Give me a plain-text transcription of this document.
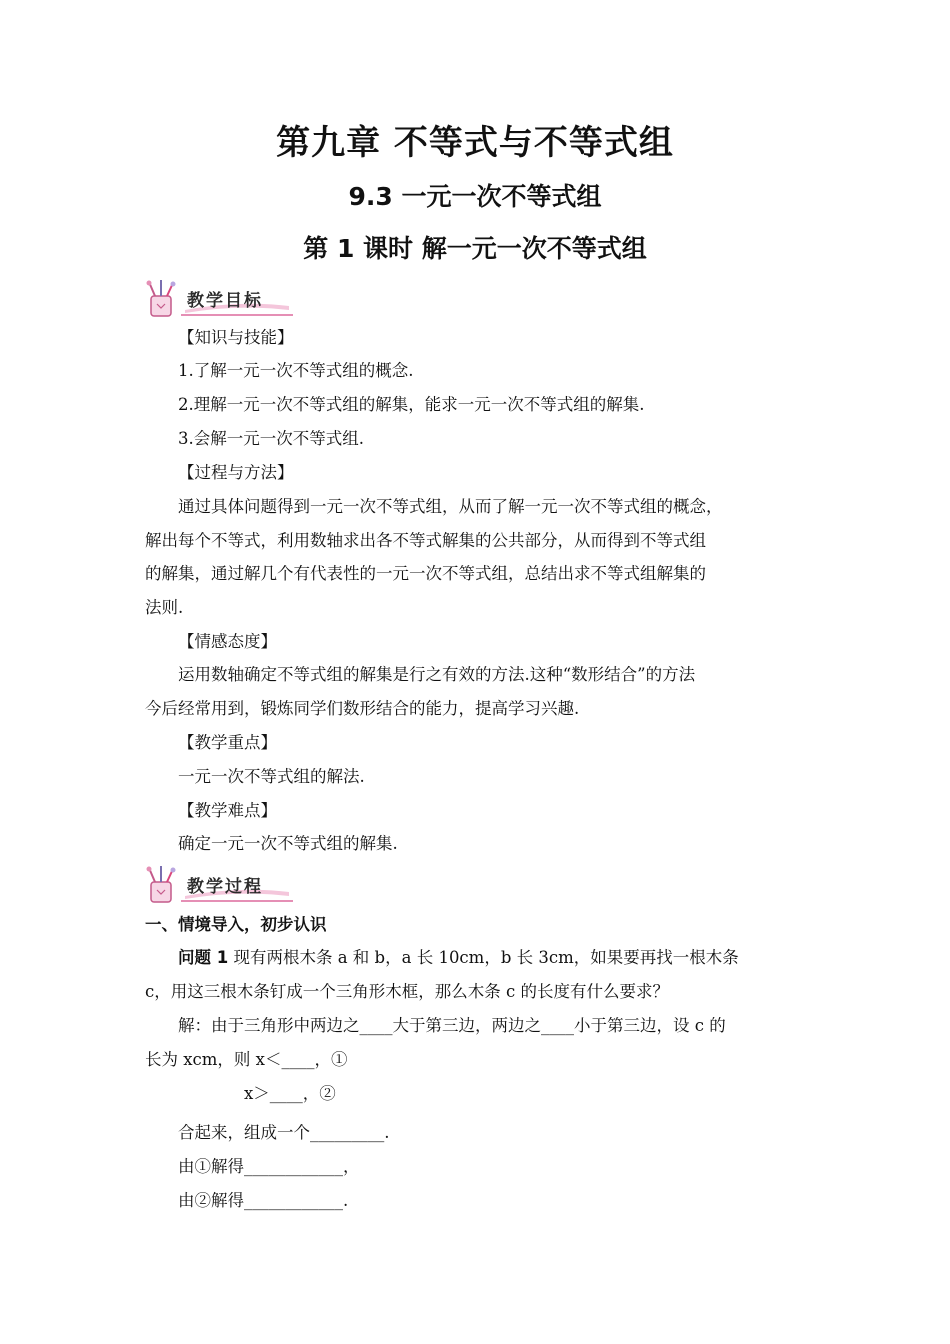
第九章 不等式与不等式组
9.3 一元一次不等式组
第 1 课时 解一元一次不等式组
教学目标
【知识与技能】
1.了解一元一次不等式组的概念.
2.理解一元一次不等式组的解集，能求一元一次不等式组的解集.
3.会解一元一次不等式组.
【过程与方法】
通过具体问题得到一元一次不等式组，从而了解一元一次不等式组的概念，
解出每个不等式，利用数轴求出各不等式解集的公共部分，从而得到不等式组
的解集，通过解几个有代表性的一元一次不等式组，总结出求不等式组解集的
法则.
【情感态度】
运用数轴确定不等式组的解集是行之有效的方法.这种“数形结合”的方法
今后经常用到，锻炼同学们数形结合的能力，提高学习兴趣.
【教学重点】
一元一次不等式组的解法.
【教学难点】
确定一元一次不等式组的解集.
教学过程
一、情境导入，初步认识
问题 1 现有两根木条 a 和 b，a 长 10cm，b 长 3cm，如果要再找一根木条
c，用这三根木条钉成一个三角形木框，那么木条 c 的长度有什么要求？
解：由于三角形中两边之____大于第三边，两边之____小于第三边，设 c 的
长为 xcm，则 x＜____，①
x＞____，②
合起来，组成一个_________.
由①解得____________，
由②解得____________.
